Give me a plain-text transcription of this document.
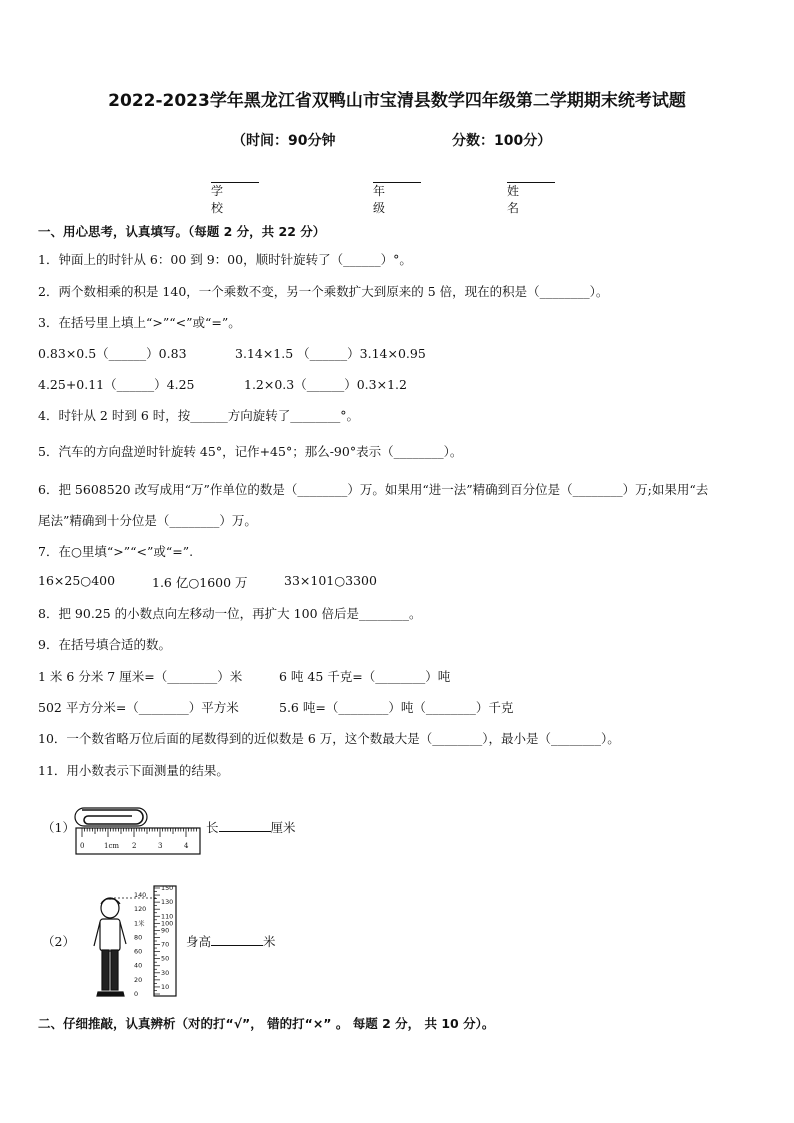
2022-2023学年黑龙江省双鸭山市宝清县数学四年级第二学期期末统考试题
（时间：90分钟	分数：100分）
学校
年级
姓名
一、用心思考，认真填写。（每题 2 分，共 22 分）
1．钟面上的时针从 6：00 到 9：00，顺时针旋转了（______）°。
2．两个数相乘的积是 140，一个乘数不变，另一个乘数扩大到原来的 5 倍，现在的积是（________）。
3．在括号里上填上“>”“<”或“=”。
0.83×0.5（______）0.83	3.14×1.5 （______）3.14×0.95
4.25+0.11（______）4.25	1.2×0.3（______）0.3×1.2
4．时针从 2 时到 6 时，按______方向旋转了________°。
5．汽车的方向盘逆时针旋转 45°，记作+45°；那么-90°表示（________）。
6．把 5608520 改写成用“万”作单位的数是（________）万。如果用“进一法”精确到百分位是（________）万;如果用“去
尾法”精确到十分位是（________）万。
7．在○里填“>”“<”或“=”.
16×25○400	1.6 亿○1600 万	33×101○3300
8．把 90.25 的小数点向左移动一位，再扩大 100 倍后是________。
9．在括号填合适的数。
1 米 6 分米 7 厘米=（________）米	6 吨 45 千克=（________）吨
502 平方分米=（________）平方米	5.6 吨=（________）吨（________）千克
10．一个数省略万位后面的尾数得到的近似数是 6 万，这个数最大是（________），最小是（________）。
11．用小数表示下面测量的结果。
（1）
0	1cm 2	3	4
长	厘米
（2）
150
140
130
120
110
1米	100
90
80
70
60
50
40
30
20
10
0
身高	米
二、仔细推敲，认真辨析（对的打“√”， 错的打“×” 。 每题 2 分， 共 10 分）。
